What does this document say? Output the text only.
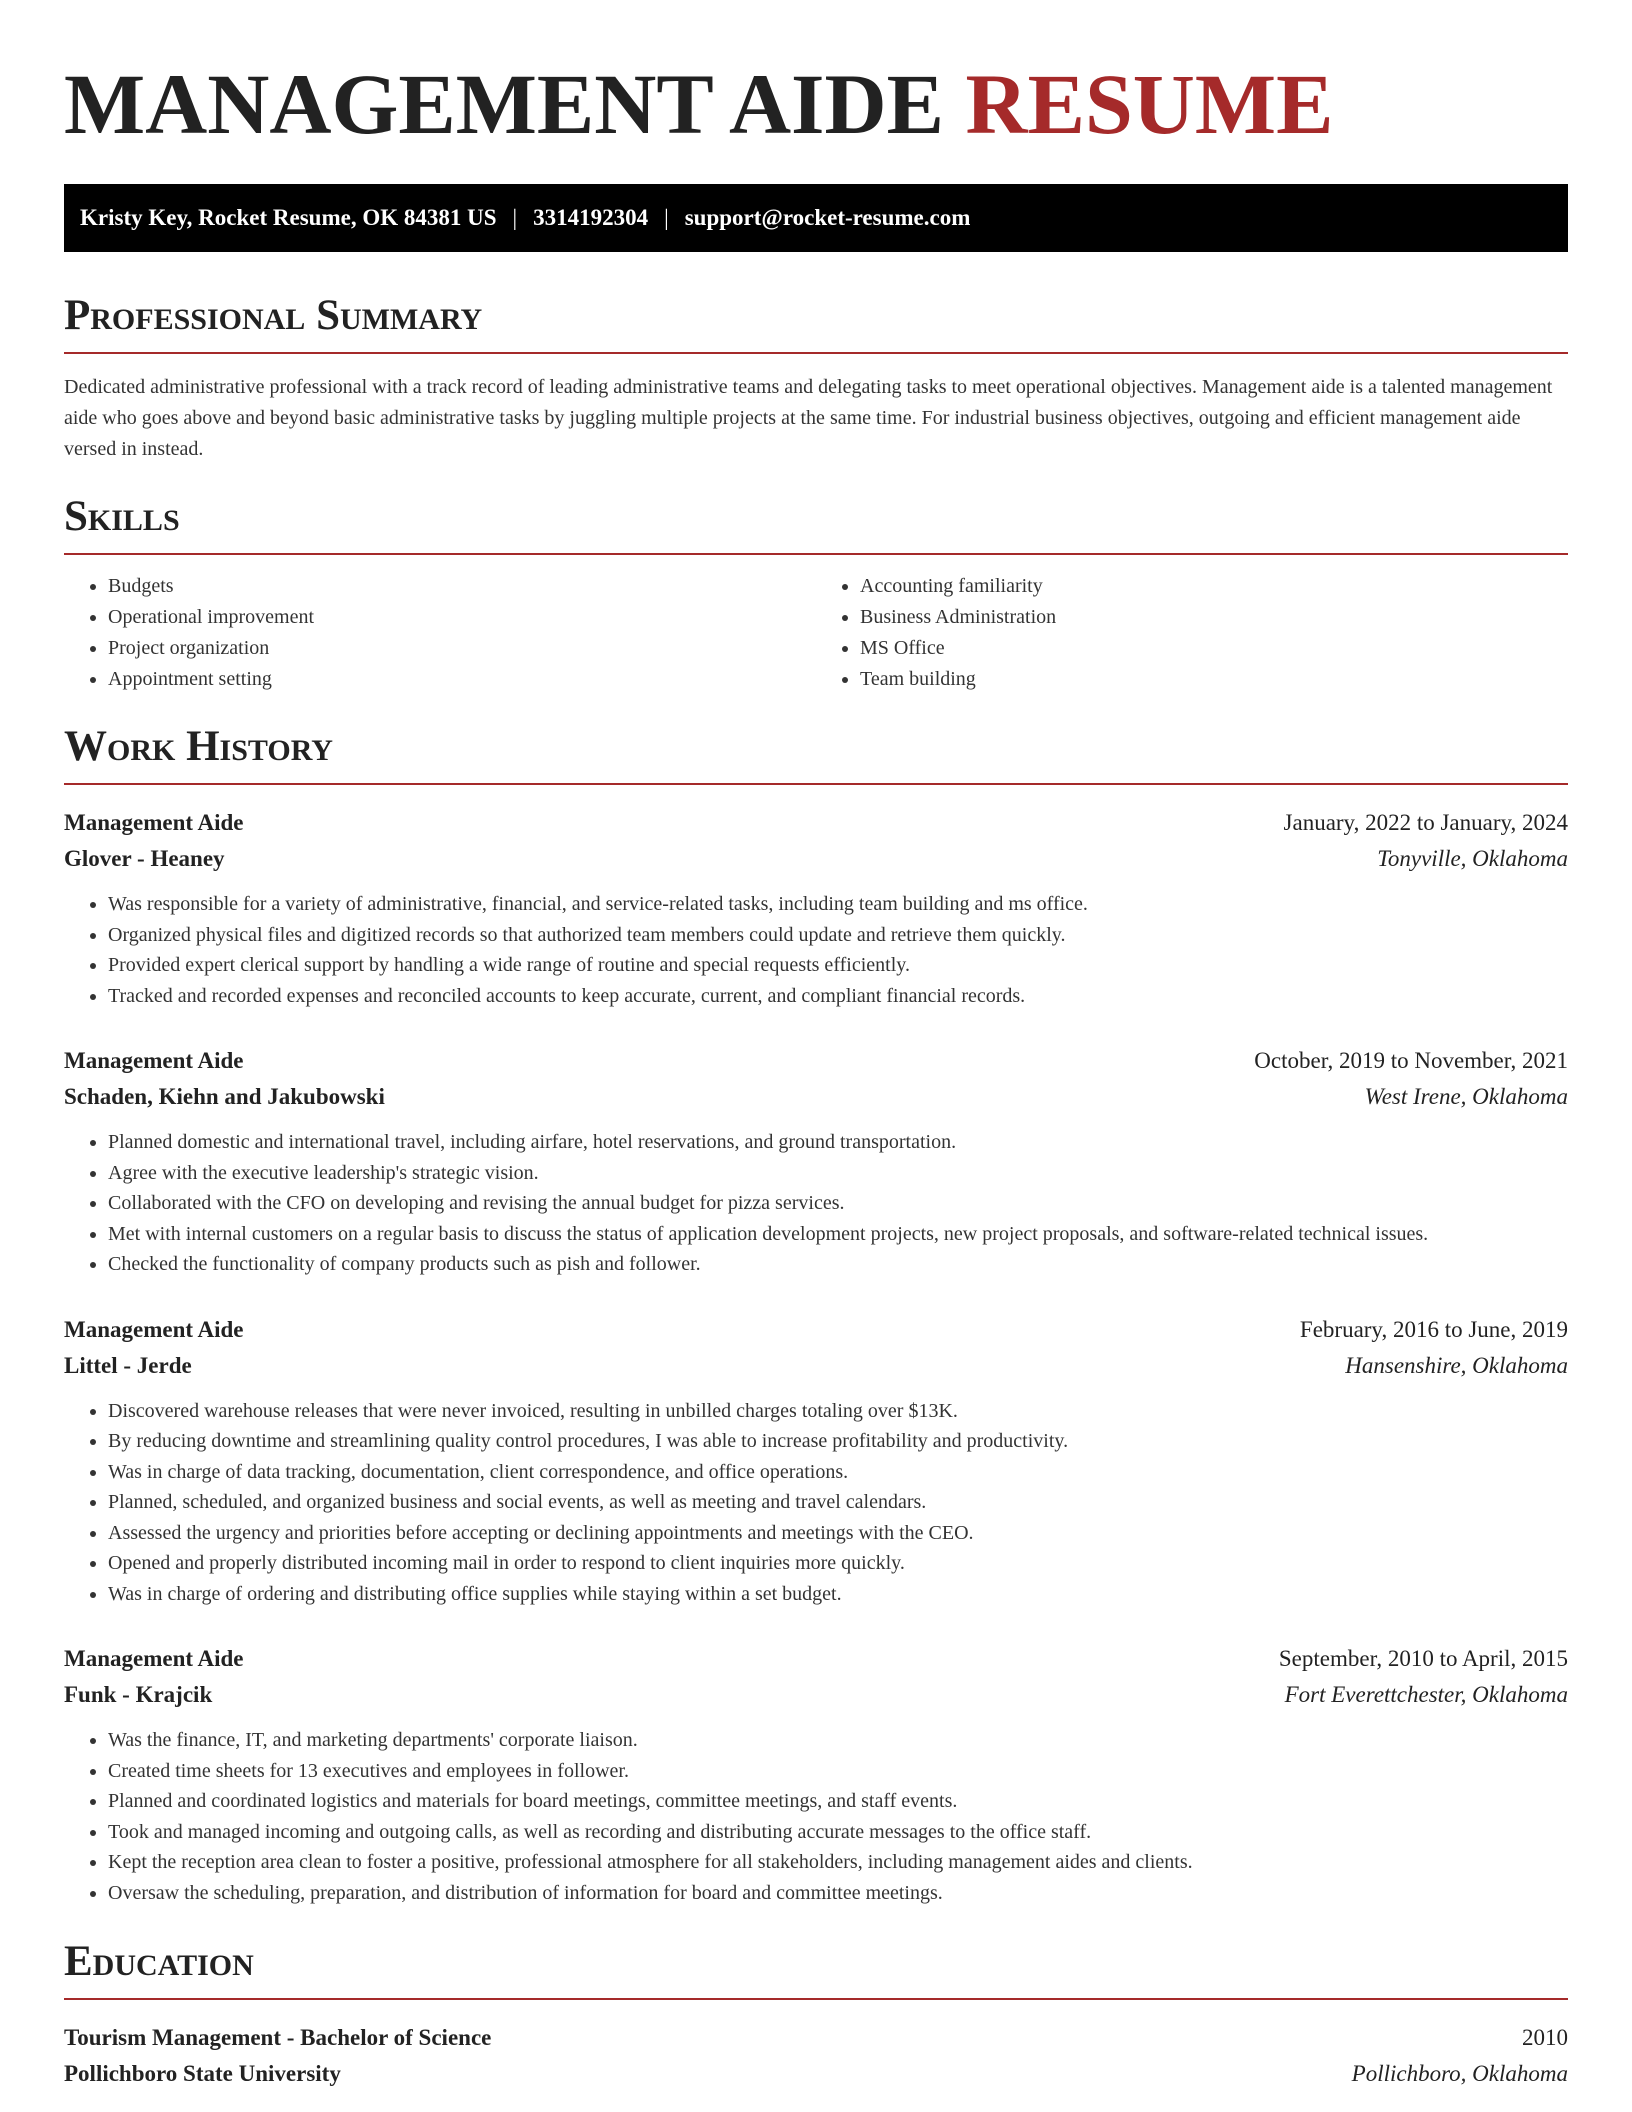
MANAGEMENT AIDE RESUME
Kristy Key, Rocket Resume, OK 84381 US | 3314192304 | support@rocket-resume.com
Professional Summary

Dedicated administrative professional with a track record of leading administrative teams and delegating tasks to meet operational objectives. Management aide is a talented management aide who goes above and beyond basic administrative tasks by juggling multiple projects at the same time. For industrial business objectives, outgoing and efficient management aide versed in instead.

Skills
• Budgets
• Operational improvement
• Project organization
• Appointment setting
• Accounting familiarity
• Business Administration
• MS Office
• Team building
Work History
Management Aide	January, 2022 to January, 2024
Glover - Heaney	Tonyville, Oklahoma
• Was responsible for a variety of administrative, financial, and service-related tasks, including team building and ms office.
• Organized physical files and digitized records so that authorized team members could update and retrieve them quickly.
• Provided expert clerical support by handling a wide range of routine and special requests efficiently.
• Tracked and recorded expenses and reconciled accounts to keep accurate, current, and compliant financial records.
Management Aide	October, 2019 to November, 2021
Schaden, Kiehn and Jakubowski	West Irene, Oklahoma
• Planned domestic and international travel, including airfare, hotel reservations, and ground transportation.
• Agree with the executive leadership's strategic vision.
• Collaborated with the CFO on developing and revising the annual budget for pizza services.
• Met with internal customers on a regular basis to discuss the status of application development projects, new project proposals, and software-related technical issues.
• Checked the functionality of company products such as pish and follower.
Management Aide	February, 2016 to June, 2019
Littel - Jerde	Hansenshire, Oklahoma
• Discovered warehouse releases that were never invoiced, resulting in unbilled charges totaling over $13K.
• By reducing downtime and streamlining quality control procedures, I was able to increase profitability and productivity.
• Was in charge of data tracking, documentation, client correspondence, and office operations.
• Planned, scheduled, and organized business and social events, as well as meeting and travel calendars.
• Assessed the urgency and priorities before accepting or declining appointments and meetings with the CEO.
• Opened and properly distributed incoming mail in order to respond to client inquiries more quickly.
• Was in charge of ordering and distributing office supplies while staying within a set budget.
Management Aide	September, 2010 to April, 2015
Funk - Krajcik	Fort Everettchester, Oklahoma
• Was the finance, IT, and marketing departments' corporate liaison.
• Created time sheets for 13 executives and employees in follower.
• Planned and coordinated logistics and materials for board meetings, committee meetings, and staff events.
• Took and managed incoming and outgoing calls, as well as recording and distributing accurate messages to the office staff.
• Kept the reception area clean to foster a positive, professional atmosphere for all stakeholders, including management aides and clients.
• Oversaw the scheduling, preparation, and distribution of information for board and committee meetings.
Education
Tourism Management - Bachelor of Science	2010
Pollichboro State University	Pollichboro, Oklahoma
